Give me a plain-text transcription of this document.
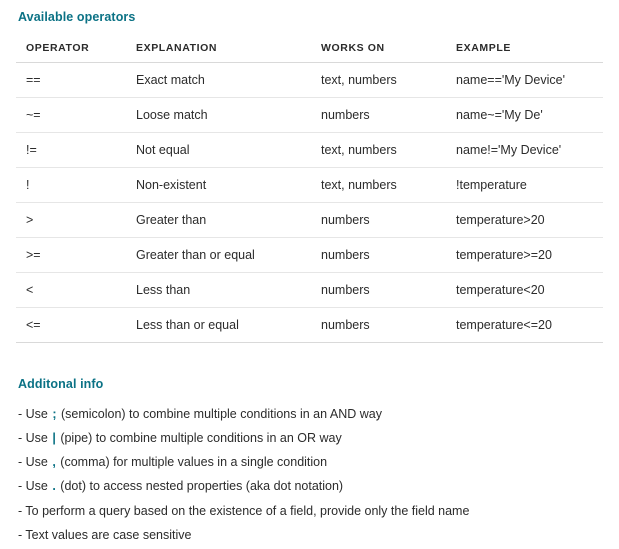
Available operators
OPERATOR	EXPLANATION	WORKS ON	EXAMPLE
==	Exact match	text, numbers	name=='My Device'
~=	Loose match	numbers	name~='My De'
!=	Not equal	text, numbers	name!='My Device'
!	Non-existent	text, numbers	!temperature
>	Greater than	numbers	temperature>20
>=	Greater than or equal	numbers	temperature>=20
<	Less than	numbers	temperature<20
<=	Less than or equal	numbers	temperature<=20
Additonal info
- Use ; (semicolon) to combine multiple conditions in an AND way
- Use | (pipe) to combine multiple conditions in an OR way
- Use , (comma) for multiple values in a single condition
- Use . (dot) to access nested properties (aka dot notation)
- To perform a query based on the existence of a field, provide only the field name
- Text values are case sensitive
